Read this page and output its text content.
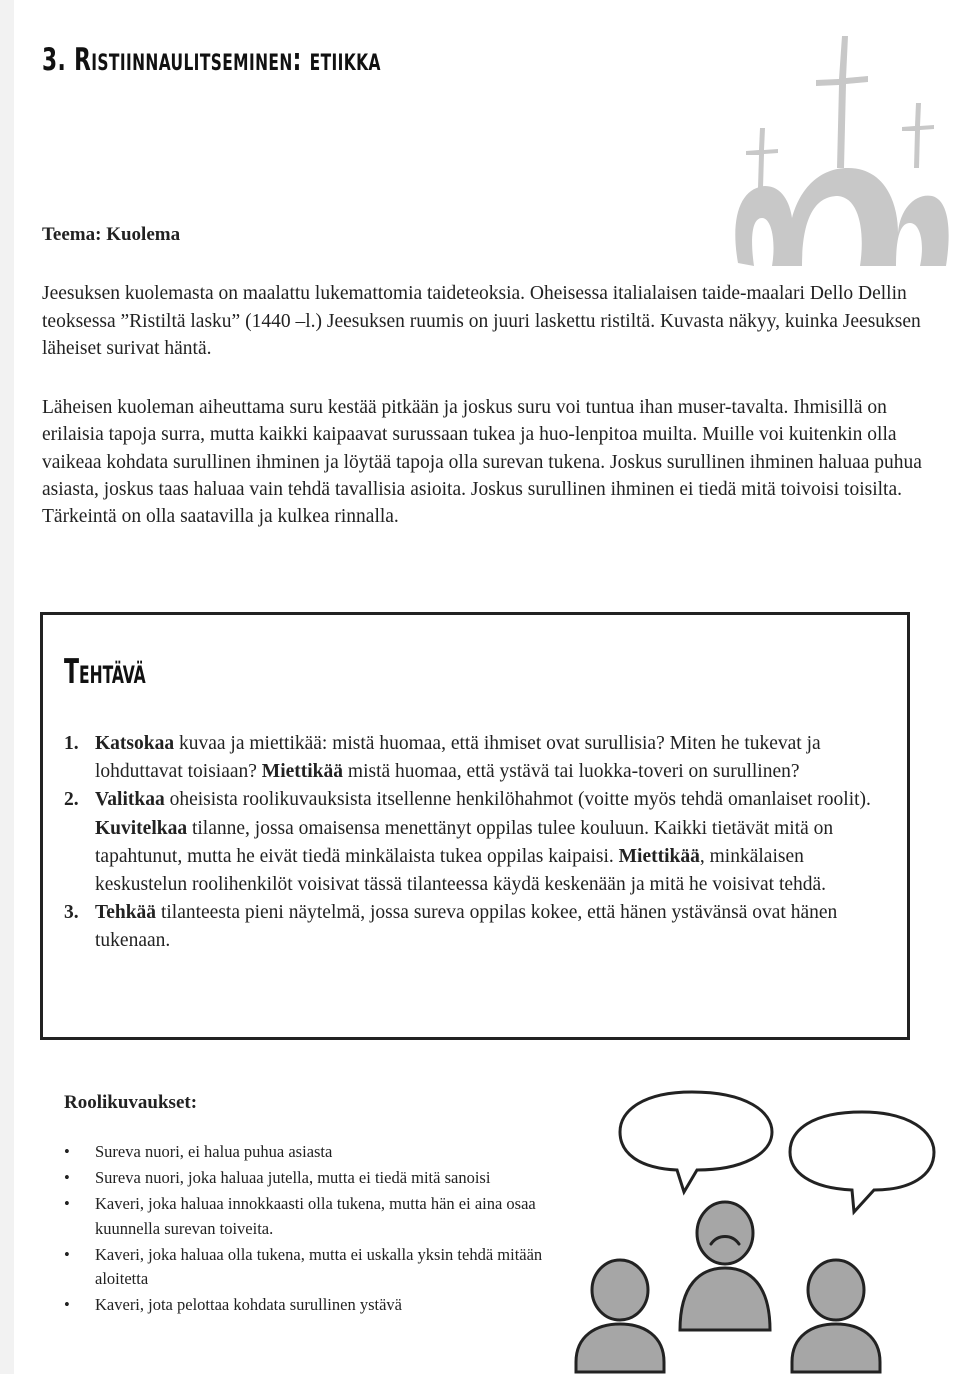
3. Ristiinnaulitseminen: etiikka
Teema: Kuolema

Jeesuksen kuolemasta on maalattu lukemattomia taideteoksia. Oheisessa italialaisen taide-maalari Dello Dellin teoksessa ”Ristiltä lasku” (1440 –l.) Jeesuksen ruumis on juuri laskettu ristiltä. Kuvasta näkyy, kuinka Jeesuksen läheiset surivat häntä.

Läheisen kuoleman aiheuttama suru kestää pitkään ja joskus suru voi tuntua ihan muser-tavalta. Ihmisillä on erilaisia tapoja surra, mutta kaikki kaipaavat surussaan tukea ja huo-lenpitoa muilta. Muille voi kuitenkin olla vaikeaa kohdata surullinen ihminen ja löytää tapoja olla surevan tukena. Joskus surullinen ihminen haluaa puhua asiasta, joskus taas haluaa vain tehdä tavallisia asioita. Joskus surullinen ihminen ei tiedä mitä toivoisi toisilta. Tärkeintä on olla saatavilla ja kulkea rinnalla.

Tehtävä
1. Katsokaa kuvaa ja miettikää: mistä huomaa, että ihmiset ovat surullisia? Miten he tukevat ja lohduttavat toisiaan? Miettikää mistä huomaa, että ystävä tai luokka-toveri on surullinen?
2. Valitkaa oheisista roolikuvauksista itsellenne henkilöhahmot (voitte myös tehdä omanlaiset roolit). Kuvitelkaa tilanne, jossa omaisensa menettänyt oppilas tulee kouluun. Kaikki tietävät mitä on tapahtunut, mutta he eivät tiedä minkälaista tukea oppilas kaipaisi. Miettikää, minkälaisen keskustelun roolihenkilöt voisivat tässä tilanteessa käydä keskenään ja mitä he voisivat tehdä.
3. Tehkää tilanteesta pieni näytelmä, jossa sureva oppilas kokee, että hänen ystävänsä ovat hänen tukenaan.
Roolikuvaukset:
• Sureva nuori, ei halua puhua asiasta
• Sureva nuori, joka haluaa jutella, mutta ei tiedä mitä sanoisi
• Kaveri, joka haluaa innokkaasti olla tukena, mutta hän ei aina osaa kuunnella surevan toiveita.
• Kaveri, joka haluaa olla tukena, mutta ei uskalla yksin tehdä mitään aloitetta
• Kaveri, jota pelottaa kohdata surullinen ystävä
